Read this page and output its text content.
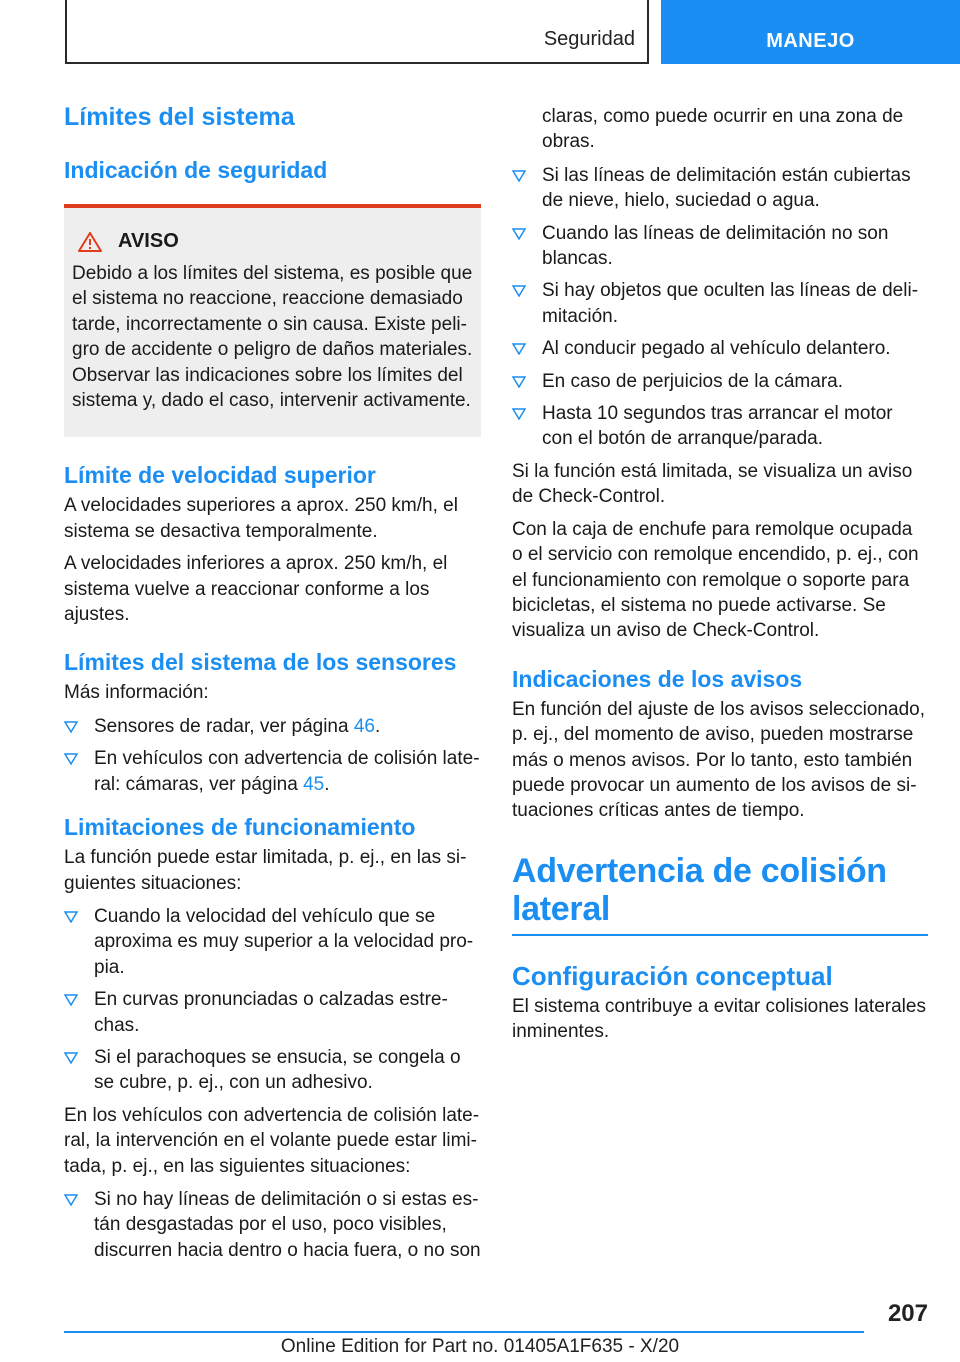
Seguridad	MANEJO
Límites del sistema
Indicación de seguridad
AVISO

Debido a los límites del sistema, es posible que el sistema no reaccione, reaccione demasiado tarde, incorrectamente o sin causa. Existe peligro de accidente o peligro de daños materiales. Observar las indicaciones sobre los límites del sistema y, dado el caso, intervenir activamente.

Límite de velocidad superior

A velocidades superiores a aprox. 250 km/h, el sistema se desactiva temporalmente.

A velocidades inferiores a aprox. 250 km/h, el sistema vuelve a reaccionar conforme a los ajustes.

Límites del sistema de los sensores

Más información:

Sensores de radar, ver página 46.
En vehículos con advertencia de colisión lateral: cámaras, ver página 45.
Limitaciones de funcionamiento

La función puede estar limitada, p. ej., en las siguientes situaciones:

Cuando la velocidad del vehículo que se aproxima es muy superior a la velocidad propia.
En curvas pronunciadas o calzadas estrechas.
Si el parachoques se ensucia, se congela o se cubre, p. ej., con un adhesivo.

En los vehículos con advertencia de colisión lateral, la intervención en el volante puede estar limitada, p. ej., en las siguientes situaciones:

Si no hay líneas de delimitación o si estas están desgastadas por el uso, poco visibles, discurren hacia dentro o hacia fuera, o no son

claras, como puede ocurrir en una zona de obras.

Si las líneas de delimitación están cubiertas de nieve, hielo, suciedad o agua.
Cuando las líneas de delimitación no son blancas.
Si hay objetos que oculten las líneas de delimitación.
Al conducir pegado al vehículo delantero.
En caso de perjuicios de la cámara.
Hasta 10 segundos tras arrancar el motor con el botón de arranque/parada.

Si la función está limitada, se visualiza un aviso de Check-Control.

Con la caja de enchufe para remolque ocupada o el servicio con remolque encendido, p. ej., con el funcionamiento con remolque o soporte para bicicletas, el sistema no puede activarse. Se visualiza un aviso de Check-Control.

Indicaciones de los avisos

En función del ajuste de los avisos seleccionado, p. ej., del momento de aviso, pueden mostrarse más o menos avisos. Por lo tanto, esto también puede provocar un aumento de los avisos de situaciones críticas antes de tiempo.

Advertencia de colisión
lateral
Configuración conceptual

El sistema contribuye a evitar colisiones laterales inminentes.

207
Online Edition for Part no. 01405A1F635 - X/20
